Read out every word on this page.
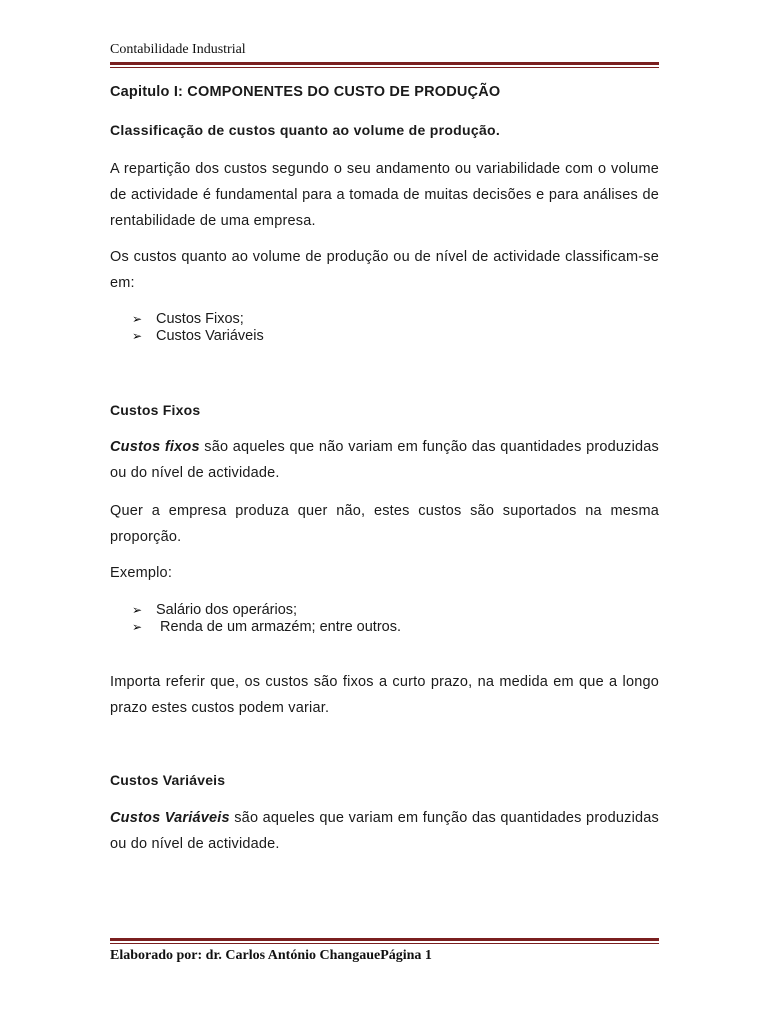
Contabilidade Industrial
Capitulo I: COMPONENTES DO CUSTO DE PRODUÇÃO
Classificação de custos quanto ao volume de produção.
A repartição dos custos segundo o seu andamento ou variabilidade com o volume de actividade é fundamental para a tomada de muitas decisões e para análises de rentabilidade de uma empresa.
Os custos quanto ao volume de produção ou de nível de actividade classificam-se em:
➢ Custos Fixos;
➢ Custos Variáveis
Custos Fixos
Custos fixos são aqueles que não variam em função das quantidades produzidas ou do nível de actividade.
Quer a empresa produza quer não, estes custos são suportados na mesma proporção.
Exemplo:
➢ Salário dos operários;
➢ Renda de um armazém; entre outros.
Importa referir que, os custos são fixos a curto prazo, na medida em que a longo prazo estes custos podem variar.
Custos Variáveis
Custos Variáveis são aqueles que variam em função das quantidades produzidas ou do nível de actividade.
Elaborado por: dr. Carlos António ChangauePágina 1
